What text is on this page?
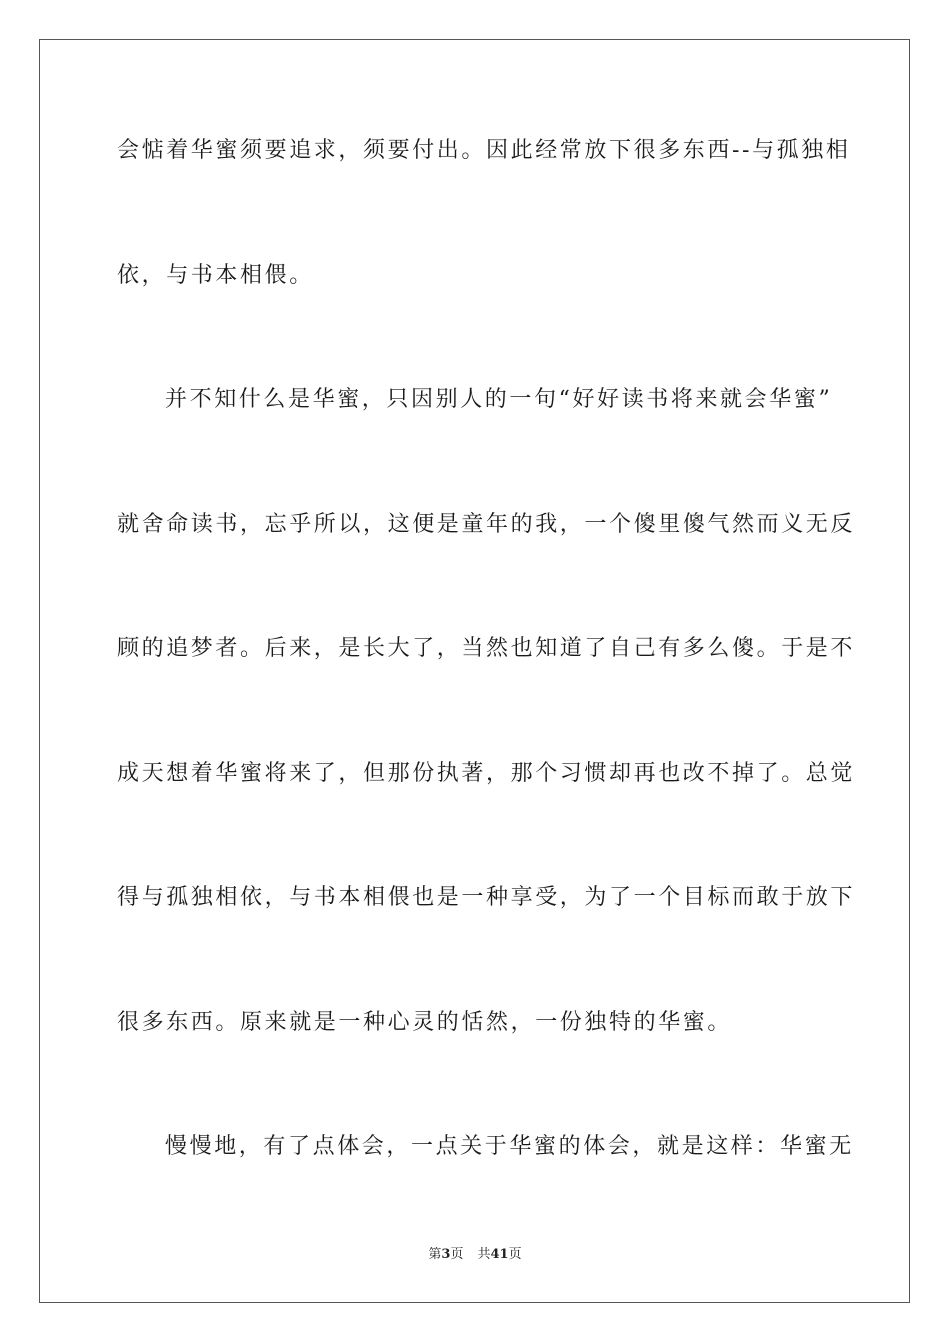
会惦着华蜜须要追求，须要付出。因此经常放下很多东西--与孤独相
依，与书本相偎。
并不知什么是华蜜，只因别人的一句“好好读书将来就会华蜜”
就舍命读书，忘乎所以，这便是童年的我，一个傻里傻气然而义无反
顾的追梦者。后来，是长大了，当然也知道了自己有多么傻。于是不
成天想着华蜜将来了，但那份执著，那个习惯却再也改不掉了。总觉
得与孤独相依，与书本相偎也是一种享受，为了一个目标而敢于放下
很多东西。原来就是一种心灵的恬然，一份独特的华蜜。
慢慢地，有了点体会，一点关于华蜜的体会，就是这样：华蜜无
第3页 共41页
